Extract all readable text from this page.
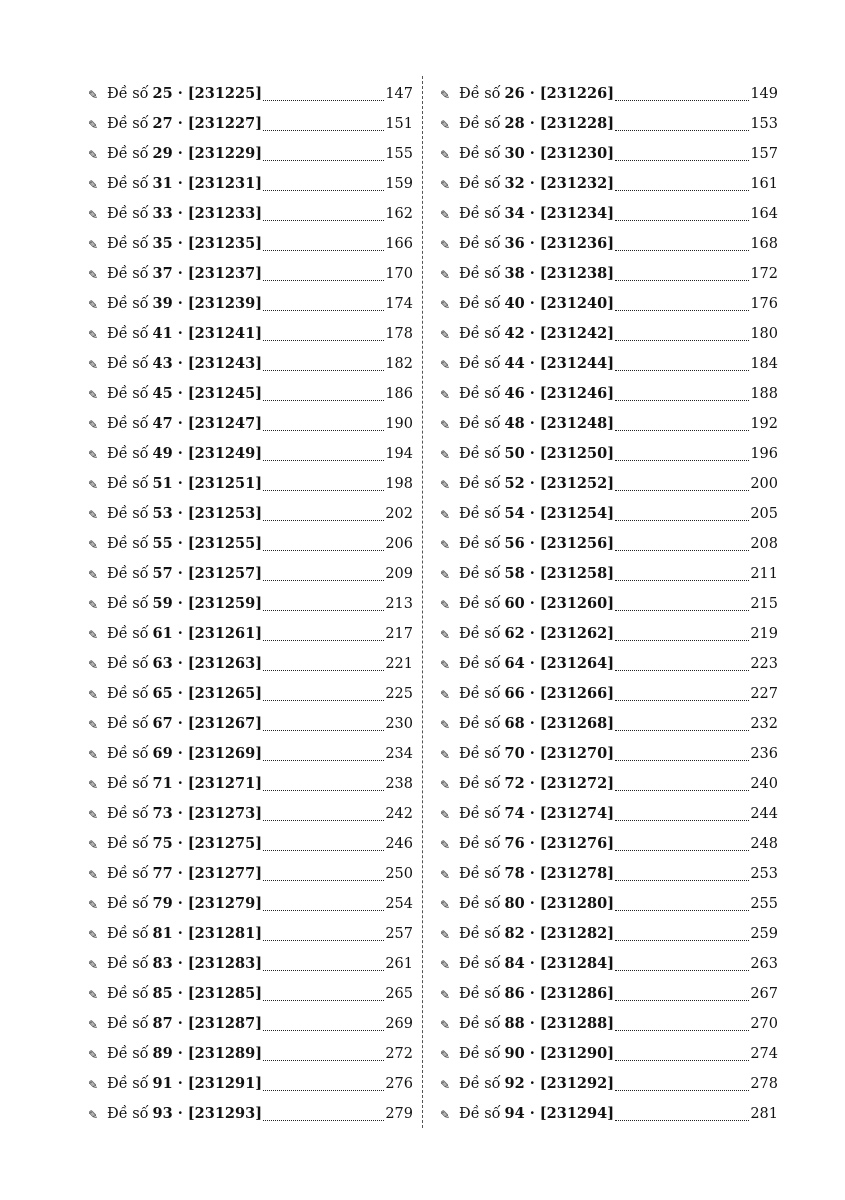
✎ Đề số 25 · [231225]	147
✎ Đề số 27 · [231227]	151
✎ Đề số 29 · [231229]	155
✎ Đề số 31 · [231231]	159
✎ Đề số 33 · [231233]	162
✎ Đề số 35 · [231235]	166
✎ Đề số 37 · [231237]	170
✎ Đề số 39 · [231239]	174
✎ Đề số 41 · [231241]	178
✎ Đề số 43 · [231243]	182
✎ Đề số 45 · [231245]	186
✎ Đề số 47 · [231247]	190
✎ Đề số 49 · [231249]	194
✎ Đề số 51 · [231251]	198
✎ Đề số 53 · [231253]	202
✎ Đề số 55 · [231255]	206
✎ Đề số 57 · [231257]	209
✎ Đề số 59 · [231259]	213
✎ Đề số 61 · [231261]	217
✎ Đề số 63 · [231263]	221
✎ Đề số 65 · [231265]	225
✎ Đề số 67 · [231267]	230
✎ Đề số 69 · [231269]	234
✎ Đề số 71 · [231271]	238
✎ Đề số 73 · [231273]	242
✎ Đề số 75 · [231275]	246
✎ Đề số 77 · [231277]	250
✎ Đề số 79 · [231279]	254
✎ Đề số 81 · [231281]	257
✎ Đề số 83 · [231283]	261
✎ Đề số 85 · [231285]	265
✎ Đề số 87 · [231287]	269
✎ Đề số 89 · [231289]	272
✎ Đề số 91 · [231291]	276
✎ Đề số 93 · [231293]	279
✎ Đề số 26 · [231226]	149
✎ Đề số 28 · [231228]	153
✎ Đề số 30 · [231230]	157
✎ Đề số 32 · [231232]	161
✎ Đề số 34 · [231234]	164
✎ Đề số 36 · [231236]	168
✎ Đề số 38 · [231238]	172
✎ Đề số 40 · [231240]	176
✎ Đề số 42 · [231242]	180
✎ Đề số 44 · [231244]	184
✎ Đề số 46 · [231246]	188
✎ Đề số 48 · [231248]	192
✎ Đề số 50 · [231250]	196
✎ Đề số 52 · [231252]	200
✎ Đề số 54 · [231254]	205
✎ Đề số 56 · [231256]	208
✎ Đề số 58 · [231258]	211
✎ Đề số 60 · [231260]	215
✎ Đề số 62 · [231262]	219
✎ Đề số 64 · [231264]	223
✎ Đề số 66 · [231266]	227
✎ Đề số 68 · [231268]	232
✎ Đề số 70 · [231270]	236
✎ Đề số 72 · [231272]	240
✎ Đề số 74 · [231274]	244
✎ Đề số 76 · [231276]	248
✎ Đề số 78 · [231278]	253
✎ Đề số 80 · [231280]	255
✎ Đề số 82 · [231282]	259
✎ Đề số 84 · [231284]	263
✎ Đề số 86 · [231286]	267
✎ Đề số 88 · [231288]	270
✎ Đề số 90 · [231290]	274
✎ Đề số 92 · [231292]	278
✎ Đề số 94 · [231294]	281
